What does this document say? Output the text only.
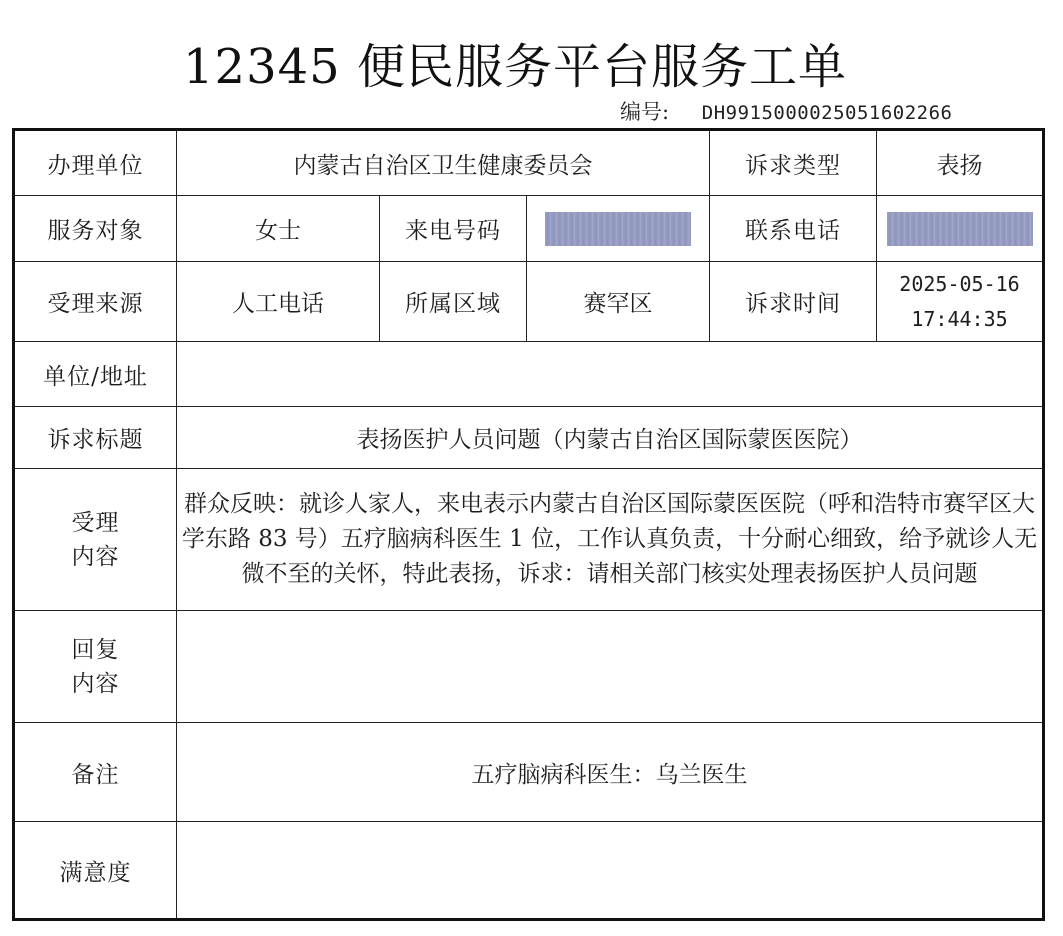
12345 便民服务平台服务工单
编号: DH991500002505160226​6
办理单位	内蒙古自治区卫生健康委员会			诉求类型	表扬
服务对象	女士	来电号码		联系电话	
受理来源	人工电话	所属区域	赛罕区	诉求时间	2025-05-16
17:44:35

单位/地址					
诉求标题	表扬医护人员问题（内蒙古自治区国际蒙医医院）				

受理
内容	群众反映：就诊人家人，来电表示内蒙古自治区国际蒙医医院（呼和浩特市赛罕区大学东路 83 号）五疗脑病科医生 1 位，工作认真负责，十分耐心细致，给予就诊人无微不至的关怀，特此表扬，诉求：请相关部门核实处理表扬医护人员问题				

回复
内容					

备注	五疗脑病科医生：乌兰医生				
满意度					
